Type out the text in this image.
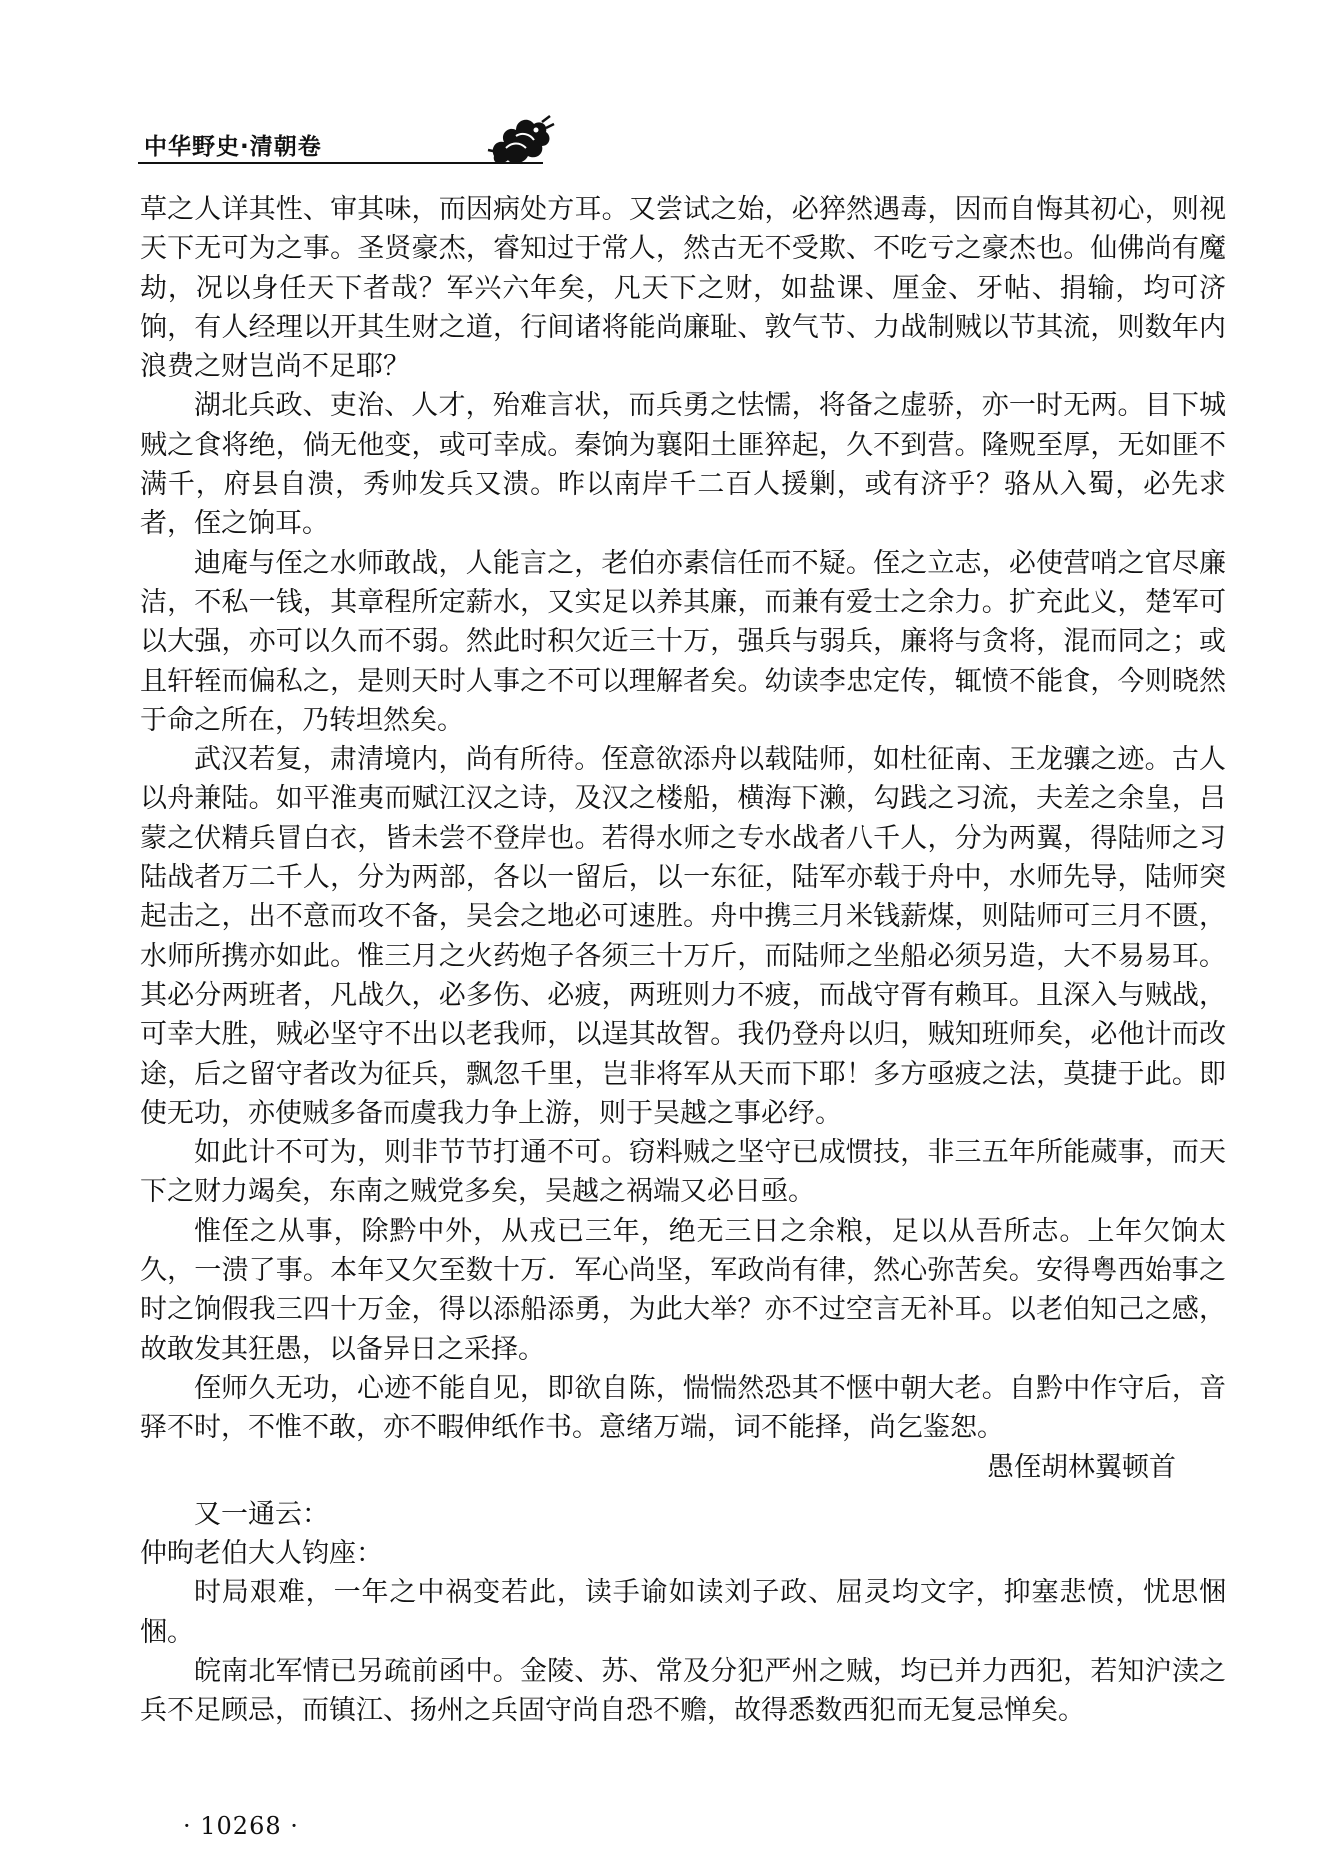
中华野史·清朝卷

草之人详其性、审其味，而因病处方耳。又尝试之始，必猝然遇毒，因而自悔其初心，则视天下无可为之事。圣贤豪杰，睿知过于常人，然古无不受欺、不吃亏之豪杰也。仙佛尚有魔劫，况以身任天下者哉？军兴六年矣，凡天下之财，如盐课、厘金、牙帖、捐输，均可济饷，有人经理以开其生财之道，行间诸将能尚廉耻、敦气节、力战制贼以节其流，则数年内浪费之财岂尚不足耶？

湖北兵政、吏治、人才，殆难言状，而兵勇之怯懦，将备之虚骄，亦一时无两。目下城贼之食将绝，倘无他变，或可幸成。秦饷为襄阳土匪猝起，久不到营。隆贶至厚，无如匪不满千，府县自溃，秀帅发兵又溃。昨以南岸千二百人援剿，或有济乎？骆从入蜀，必先求者，侄之饷耳。

迪庵与侄之水师敢战，人能言之，老伯亦素信任而不疑。侄之立志，必使营哨之官尽廉洁，不私一钱，其章程所定薪水，又实足以养其廉，而兼有爱士之余力。扩充此义，楚军可以大强，亦可以久而不弱。然此时积欠近三十万，强兵与弱兵，廉将与贪将，混而同之；或且轩轾而偏私之，是则天时人事之不可以理解者矣。幼读李忠定传，辄愤不能食，今则晓然于命之所在，乃转坦然矣。

武汉若复，肃清境内，尚有所待。侄意欲添舟以载陆师，如杜征南、王龙骧之迹。古人以舟兼陆。如平淮夷而赋江汉之诗，及汉之楼船，横海下濑，勾践之习流，夫差之余皇，吕蒙之伏精兵冒白衣，皆未尝不登岸也。若得水师之专水战者八千人，分为两翼，得陆师之习陆战者万二千人，分为两部，各以一留后，以一东征，陆军亦载于舟中，水师先导，陆师突起击之，出不意而攻不备，吴会之地必可速胜。舟中携三月米钱薪煤，则陆师可三月不匮，水师所携亦如此。惟三月之火药炮子各须三十万斤，而陆师之坐船必须另造，大不易易耳。其必分两班者，凡战久，必多伤、必疲，两班则力不疲，而战守胥有赖耳。且深入与贼战，可幸大胜，贼必坚守不出以老我师，以逞其故智。我仍登舟以归，贼知班师矣，必他计而改途，后之留守者改为征兵，飘忽千里，岂非将军从天而下耶！多方亟疲之法，莫捷于此。即使无功，亦使贼多备而虞我力争上游，则于吴越之事必纾。

如此计不可为，则非节节打通不可。窃料贼之坚守已成惯技，非三五年所能蒇事，而天下之财力竭矣，东南之贼党多矣，吴越之祸端又必日亟。

惟侄之从事，除黔中外，从戎已三年，绝无三日之余粮，足以从吾所志。上年欠饷太久，一溃了事。本年又欠至数十万．军心尚坚，军政尚有律，然心弥苦矣。安得粤西始事之时之饷假我三四十万金，得以添船添勇，为此大举？亦不过空言无补耳。以老伯知己之感，故敢发其狂愚，以备异日之采择。

侄师久无功，心迹不能自见，即欲自陈，惴惴然恐其不惬中朝大老。自黔中作守后，音驿不时，不惟不敢，亦不暇伸纸作书。意绪万端，词不能择，尚乞鉴恕。

愚侄胡林翼顿首

又一通云：

仲昫老伯大人钧座：

时局艰难，一年之中祸变若此，读手谕如读刘子政、屈灵均文字，抑塞悲愤，忧思悃悃。

皖南北军情已另疏前函中。金陵、苏、常及分犯严州之贼，均已并力西犯，若知沪渎之兵不足顾忌，而镇江、扬州之兵固守尚自恐不赡，故得悉数西犯而无复忌惮矣。

· 10268 ·
